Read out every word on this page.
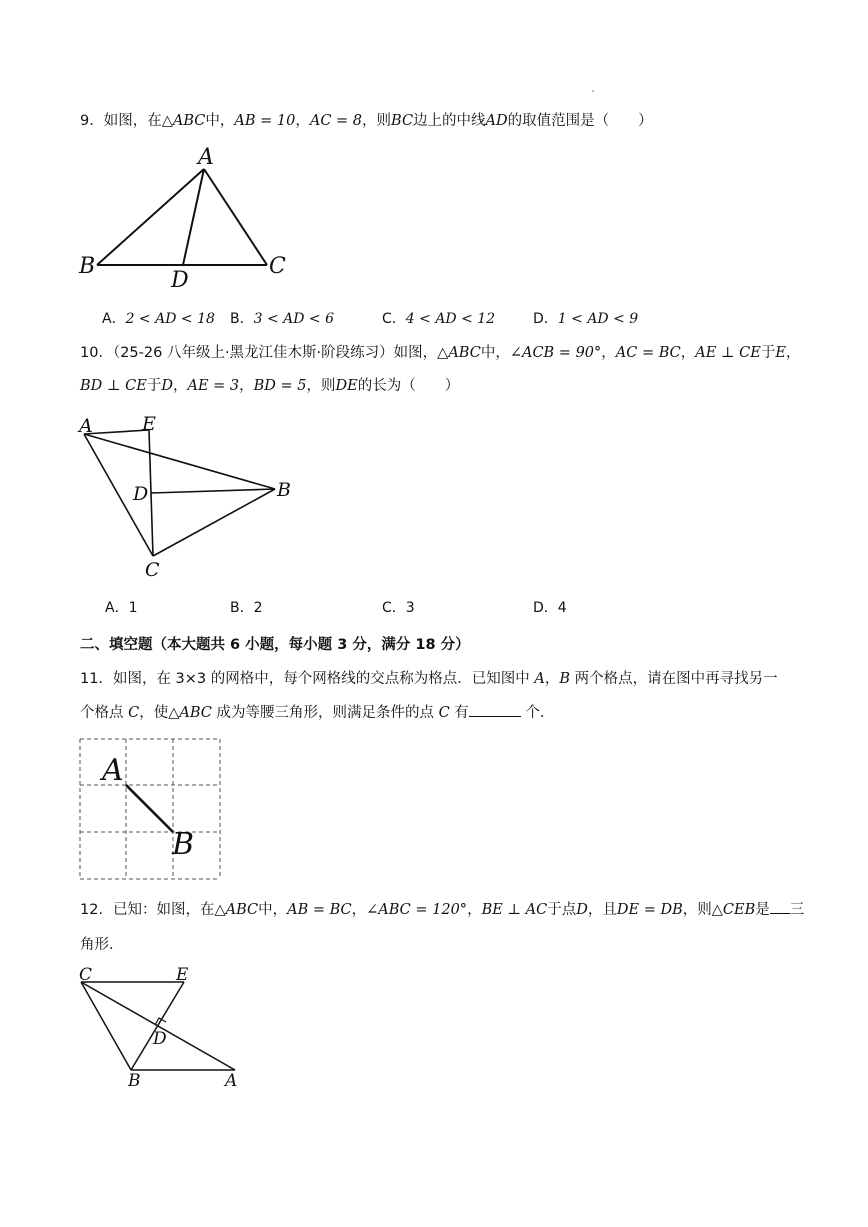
9．如图，在△ABC中，AB = 10，AC = 8，则BC边上的中线AD的取值范围是（　　）
A
B	C
D
A．2 < AD < 18 B．3 < AD < 6	C．4 < AD < 12	D．1 < AD < 9
10．（25-26 八年级上·黑龙江佳木斯·阶段练习）如图，△ABC中，∠ACB = 90°，AC = BC，AE ⊥ CE于E，
BD ⊥ CE于D，AE = 3，BD = 5，则DE的长为（　　）
A	E
D	B
C
A．1	B．2	C．3	D．4
二、填空题（本大题共 6 小题，每小题 3 分，满分 18 分）
11．如图，在 3×3 的网格中，每个网格线的交点称为格点．已知图中 A，B 两个格点，请在图中再寻找另一
个格点 C，使△ABC 成为等腰三角形，则满足条件的点 C 有	个．
A
B
12．已知：如图，在△ABC中，AB = BC，∠ABC = 120°，BE ⊥ AC于点D，且DE = DB，则△CEB是 三
角形．
C	E
D
B	A
